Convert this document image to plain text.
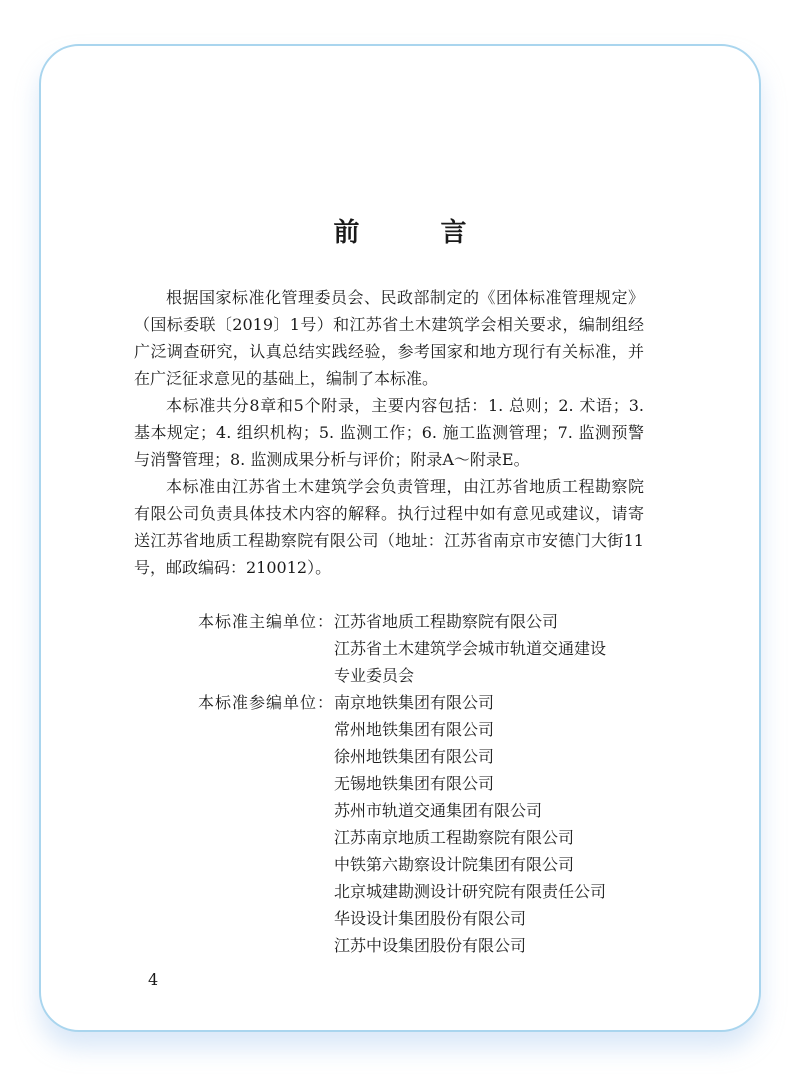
前 言

根据国家标准化管理委员会、民政部制定的《团体标准管理规定》（国标委联〔2019〕1号）和江苏省土木建筑学会相关要求，编制组经广泛调查研究，认真总结实践经验，参考国家和地方现行有关标准，并在广泛征求意见的基础上，编制了本标准。

本标准共分8章和5个附录，主要内容包括：1. 总则；2. 术语；3. 基本规定；4. 组织机构；5. 监测工作；6. 施工监测管理；7. 监测预警与消警管理；8. 监测成果分析与评价；附录A～附录E。

本标准由江苏省土木建筑学会负责管理，由江苏省地质工程勘察院有限公司负责具体技术内容的解释。执行过程中如有意见或建议，请寄送江苏省地质工程勘察院有限公司（地址：江苏省南京市安德门大街11号，邮政编码：210012）。

本标准主编单位： 江苏省地质工程勘察院有限公司
江苏省土木建筑学会城市轨道交通建设
专业委员会
本标准参编单位： 南京地铁集团有限公司
常州地铁集团有限公司
徐州地铁集团有限公司
无锡地铁集团有限公司
苏州市轨道交通集团有限公司
江苏南京地质工程勘察院有限公司
中铁第六勘察设计院集团有限公司
北京城建勘测设计研究院有限责任公司
华设设计集团股份有限公司
江苏中设集团股份有限公司
4
